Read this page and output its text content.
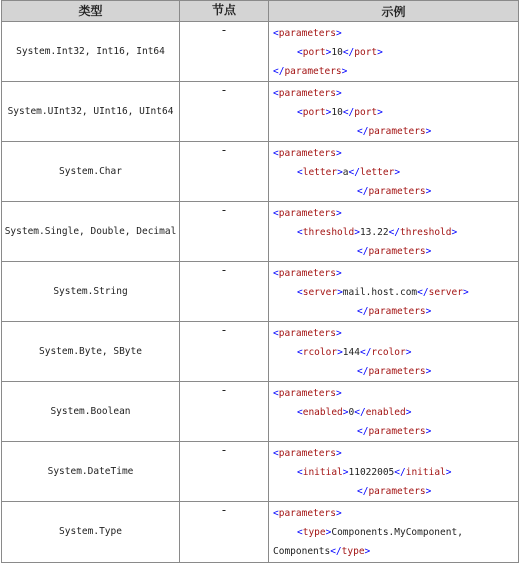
类型	节点	示例
System.Int32, Int16, Int64	-	<parameters>
<port>10</port>
</parameters>

System.UInt32, UInt16, UInt64	-	<parameters>
<port>10</port>
</parameters>

System.Char	-	<parameters>
<letter>a</letter>
</parameters>

System.Single, Double, Decimal	-	<parameters>
<threshold>13.22</threshold>
</parameters>

System.String	-	<parameters>
<server>mail.host.com</server>
</parameters>

System.Byte, SByte	-	<parameters>
<rcolor>144</rcolor>
</parameters>

System.Boolean	-	<parameters>
<enabled>0</enabled>
</parameters>

System.DateTime	-	<parameters>
<initial>11022005</initial>
</parameters>

System.Type	-	<parameters>
<type>Components.MyComponent,
Components</type>
